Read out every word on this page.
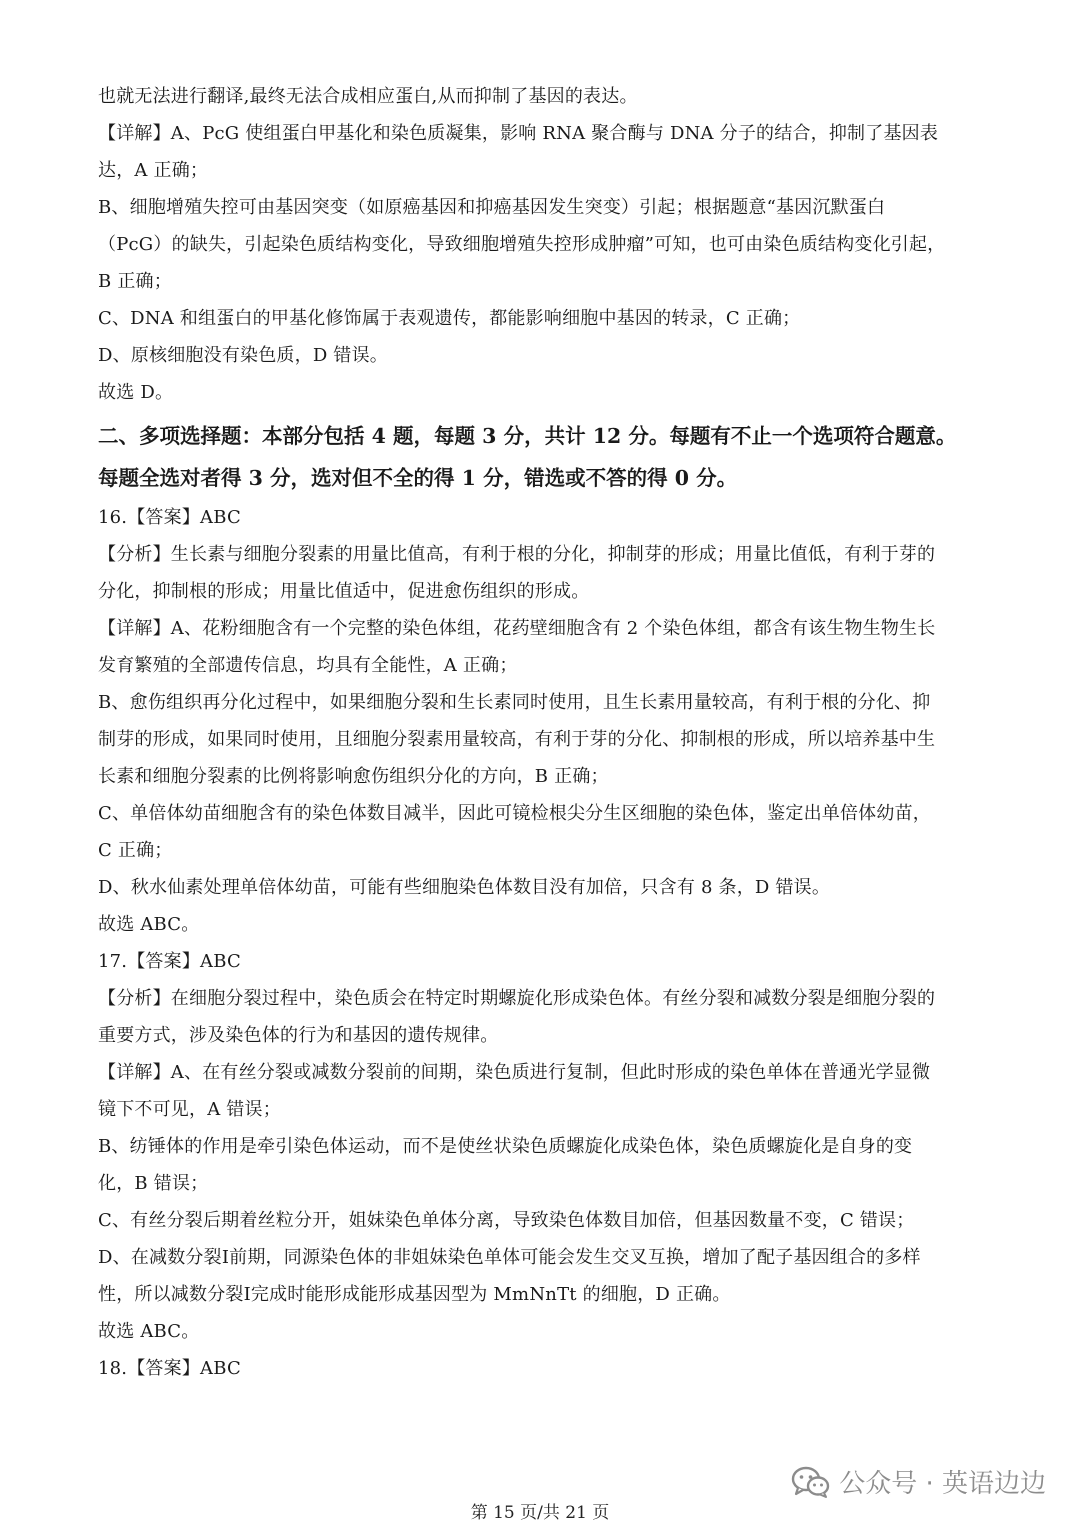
也就无法进行翻译,最终无法合成相应蛋白,从而抑制了基因的表达。
【详解】A、PcG 使组蛋白甲基化和染色质凝集，影响 RNA 聚合酶与 DNA 分子的结合，抑制了基因表
达，A 正确；
B、细胞增殖失控可由基因突变（如原癌基因和抑癌基因发生突变）引起；根据题意“基因沉默蛋白
（PcG）的缺失，引起染色质结构变化，导致细胞增殖失控形成肿瘤”可知，也可由染色质结构变化引起，
B 正确；
C、DNA 和组蛋白的甲基化修饰属于表观遗传，都能影响细胞中基因的转录，C 正确；
D、原核细胞没有染色质，D 错误。
故选 D。
二、多项选择题：本部分包括 4 题，每题 3 分，共计 12 分。每题有不止一个选项符合题意。
每题全选对者得 3 分，选对但不全的得 1 分，错选或不答的得 0 分。
16.【答案】ABC
【分析】生长素与细胞分裂素的用量比值高，有利于根的分化，抑制芽的形成；用量比值低，有利于芽的
分化，抑制根的形成；用量比值适中，促进愈伤组织的形成。
【详解】A、花粉细胞含有一个完整的染色体组，花药壁细胞含有 2 个染色体组，都含有该生物生物生长
发育繁殖的全部遗传信息，均具有全能性，A 正确；
B、愈伤组织再分化过程中，如果细胞分裂和生长素同时使用，且生长素用量较高，有利于根的分化、抑
制芽的形成，如果同时使用，且细胞分裂素用量较高，有利于芽的分化、抑制根的形成，所以培养基中生
长素和细胞分裂素的比例将影响愈伤组织分化的方向，B 正确；
C、单倍体幼苗细胞含有的染色体数目减半，因此可镜检根尖分生区细胞的染色体，鉴定出单倍体幼苗，
C 正确；
D、秋水仙素处理单倍体幼苗，可能有些细胞染色体数目没有加倍，只含有 8 条，D 错误。
故选 ABC。
17.【答案】ABC
【分析】在细胞分裂过程中，染色质会在特定时期螺旋化形成染色体。有丝分裂和减数分裂是细胞分裂的
重要方式，涉及染色体的行为和基因的遗传规律。
【详解】A、在有丝分裂或减数分裂前的间期，染色质进行复制，但此时形成的染色单体在普通光学显微
镜下不可见，A 错误；
B、纺锤体的作用是牵引染色体运动，而不是使丝状染色质螺旋化成染色体，染色质螺旋化是自身的变
化，B 错误；
C、有丝分裂后期着丝粒分开，姐妹染色单体分离，导致染色体数目加倍，但基因数量不变，C 错误；
D、在减数分裂Ⅰ前期，同源染色体的非姐妹染色单体可能会发生交叉互换，增加了配子基因组合的多样
性，所以减数分裂Ⅰ完成时能形成能形成基因型为 MmNnTt 的细胞，D 正确。
故选 ABC。
18.【答案】ABC
公众号 · 英语边边
第 15 页/共 21 页
